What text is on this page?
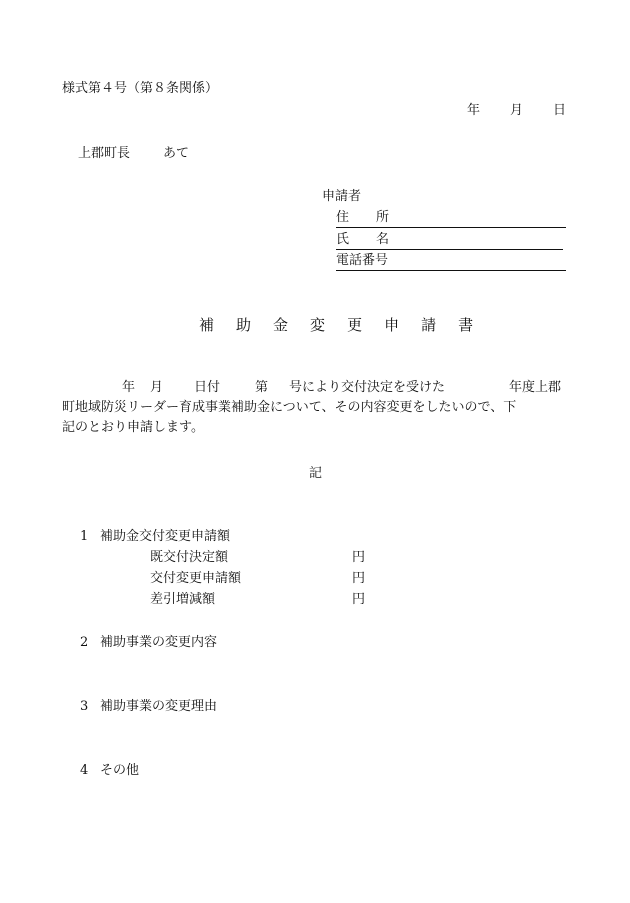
様式第４号（第８条関係）
年 月 日
上郡町長	あて
申請者
住 所
氏 名
電話番号
補 助 金 変 更 申 請 書
年 月 日付	第 号により交付決定を受けた	年度上郡
町地域防災リーダー育成事業補助金について、その内容変更をしたいので、下
記のとおり申請します。
記
1 補助金交付変更申請額
既交付決定額	円
交付変更申請額	円
差引増減額	円
2 補助事業の変更内容
3 補助事業の変更理由
4 その他
